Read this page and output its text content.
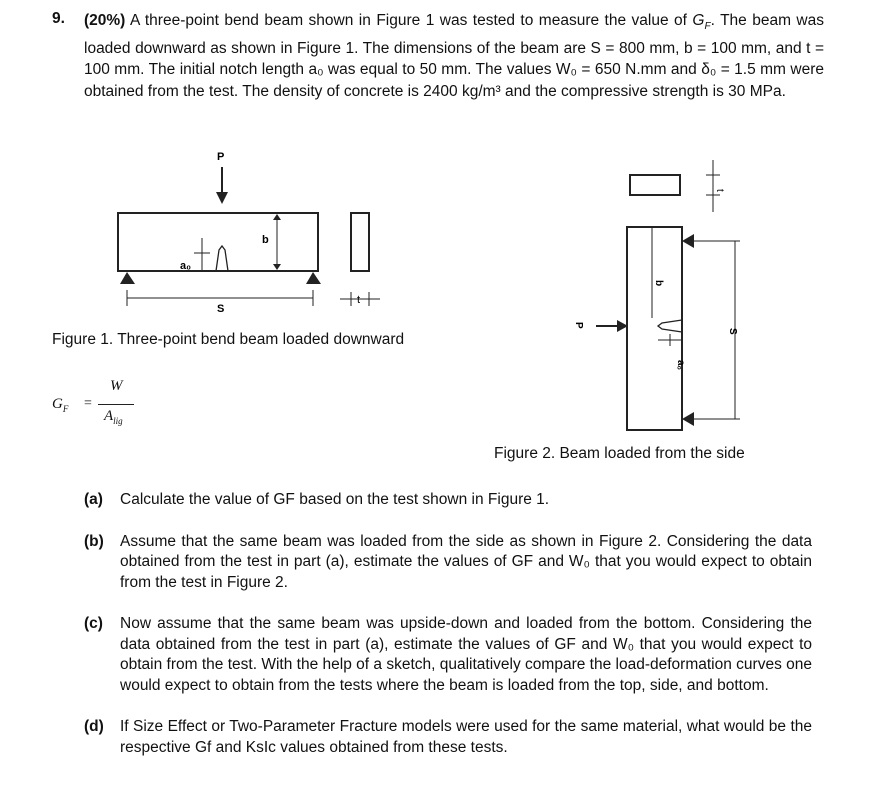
9. (20%) A three-point bend beam shown in Figure 1 was tested to measure the value of $G_F$. The beam was loaded downward as shown in Figure 1. The dimensions of the beam are S = 800 mm, b = 100 mm, and t = 100 mm. The initial notch length a₀ was equal to 50 mm. The values W₀ = 650 N.mm and δ₀ = 1.5 mm were obtained from the test. The density of concrete is 2400 kg/m³ and the compressive strength is 30 MPa.
P
a₀
b
S
t
Figure 1. Three-point bend beam loaded downward
t
b
a₀
P
S
Figure 2. Beam loaded from the side
$G_F$ =
W
$A_{lig}$
(a)	Calculate the value of GF based on the test shown in Figure 1.
(b)	Assume that the same beam was loaded from the side as shown in Figure 2. Considering the data obtained from the test in part (a), estimate the values of GF and W₀ that you would expect to obtain from the test in Figure 2.
(c)	Now assume that the same beam was upside-down and loaded from the bottom. Considering the data obtained from the test in part (a), estimate the values of GF and W₀ that you would expect to obtain from the test. With the help of a sketch, qualitatively compare the load-deformation curves one would expect to obtain from the tests where the beam is loaded from the top, side, and bottom.
(d)	If Size Effect or Two-Parameter Fracture models were used for the same material, what would be the respective Gf and KsIc values obtained from these tests.
